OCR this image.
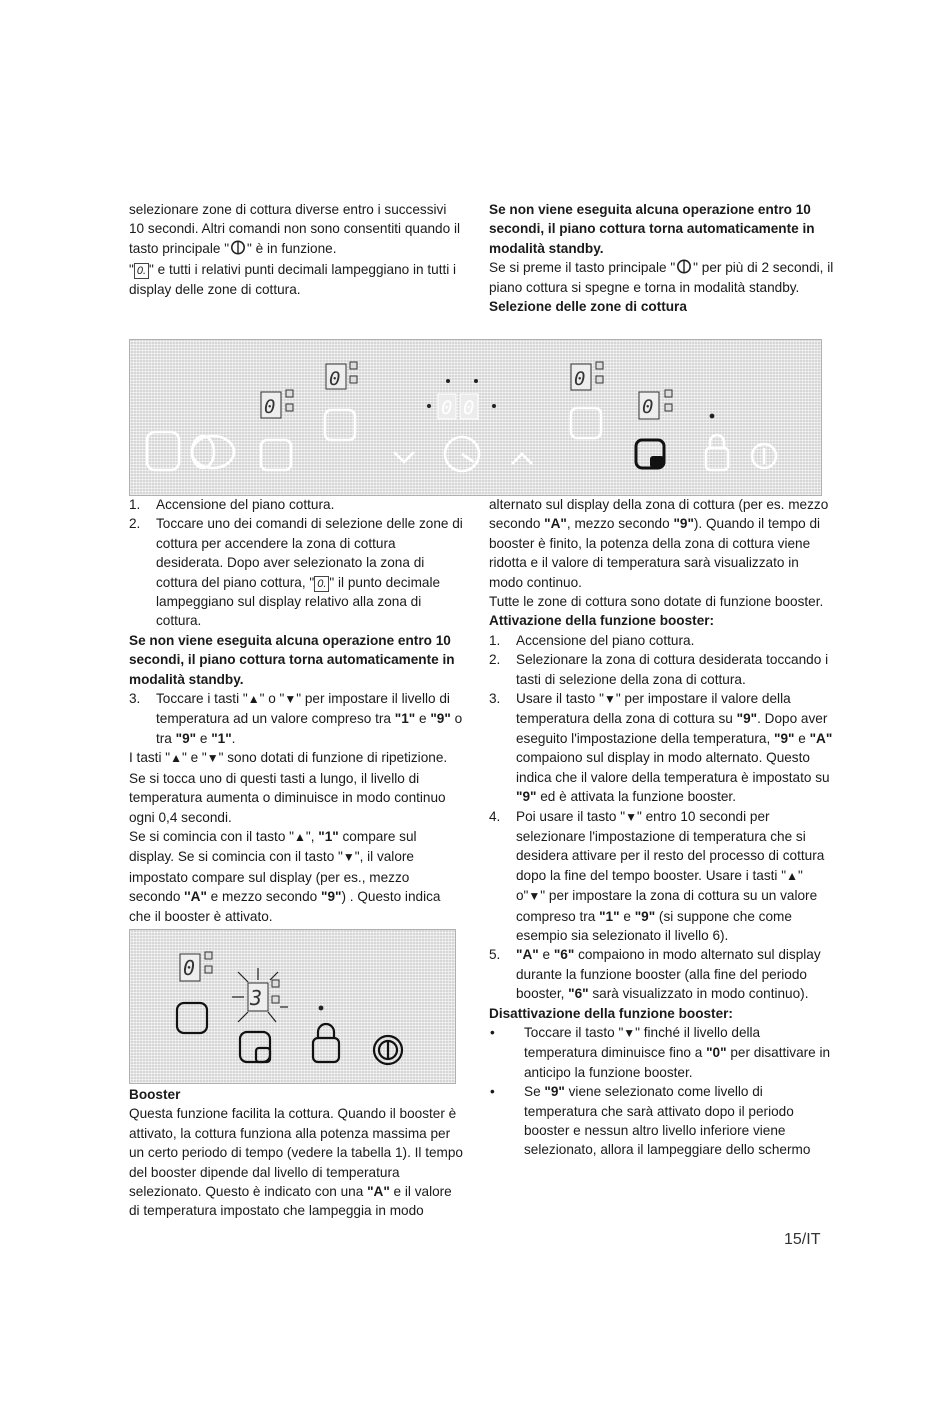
selezionare zone di cottura diverse entro i successivi 10 secondi. Altri comandi non sono consentiti quando il tasto principale " " è in funzione.

" 0. " e tutti i relativi punti decimali lampeggiano in tutti i display delle zone di cottura.

Se non viene eseguita alcuna operazione entro 10 secondi, il piano cottura torna automaticamente in modalità standby.

Se si preme il tasto principale " " per più di 2 secondi, il piano cottura si spegne e torna in modalità standby.

Selezione delle zone di cottura

0
0	0 0
0
0
1. Accensione del piano cottura.
2. Toccare uno dei comandi di selezione delle zone di cottura per accendere la zona di cottura desiderata. Dopo aver selezionato la zona di cottura del piano cottura, " 0. " il punto decimale lampeggiano sul display relativo alla zona di cottura.

Se non viene eseguita alcuna operazione entro 10 secondi, il piano cottura torna automaticamente in modalità standby.

3. Toccare i tasti "▲" o "▼" per impostare il livello di temperatura ad un valore compreso tra "1" e "9" o tra "9" e "1".

I tasti "▲" e "▼" sono dotati di funzione di ripetizione. Se si tocca uno di questi tasti a lungo, il livello di temperatura aumenta o diminuisce in modo continuo ogni 0,4 secondi.

Se si comincia con il tasto "▲", "1" compare sul display. Se si comincia con il tasto "▼", il valore impostato compare sul display (per es., mezzo secondo ''A" e mezzo secondo "9") . Questo indica che il booster è attivato.

0
3

Booster

Questa funzione facilita la cottura. Quando il booster è attivato, la cottura funziona alla potenza massima per un certo periodo di tempo (vedere la tabella 1). Il tempo del booster dipende dal livello di temperatura selezionato. Questo è indicato con una "A" e il valore di temperatura impostato che lampeggia in modo

alternato sul display della zona di cottura (per es. mezzo secondo "A", mezzo secondo "9"). Quando il tempo di booster è finito, la potenza della zona di cottura viene ridotta e il valore di temperatura sarà visualizzato in modo continuo.

Tutte le zone di cottura sono dotate di funzione booster.

Attivazione della funzione booster:

1. Accensione del piano cottura.
2. Selezionare la zona di cottura desiderata toccando i tasti di selezione della zona di cottura.
3. Usare il tasto "▼" per impostare il valore della temperatura della zona di cottura su "9". Dopo aver eseguito l'impostazione della temperatura, "9" e "A" compaiono sul display in modo alternato. Questo indica che il valore della temperatura è impostato su "9" ed è attivata la funzione booster.
4. Poi usare il tasto "▼" entro 10 secondi per selezionare l'impostazione di temperatura che si desidera attivare per il resto del processo di cottura dopo la fine del tempo booster. Usare i tasti "▲" o"▼" per impostare la zona di cottura su un valore compreso tra "1" e "9" (si suppone che come esempio sia selezionato il livello 6).
5. "A" e "6" compaiono in modo alternato sul display durante la funzione booster (alla fine del periodo booster, "6" sarà visualizzato in modo continuo).

Disattivazione della funzione booster:

• Toccare il tasto "▼" finché il livello della temperatura diminuisce fino a "0" per disattivare in anticipo la funzione booster.
• Se "9" viene selezionato come livello di temperatura che sarà attivato dopo il periodo booster e nessun altro livello inferiore viene selezionato, allora il lampeggiare dello schermo
15/IT
